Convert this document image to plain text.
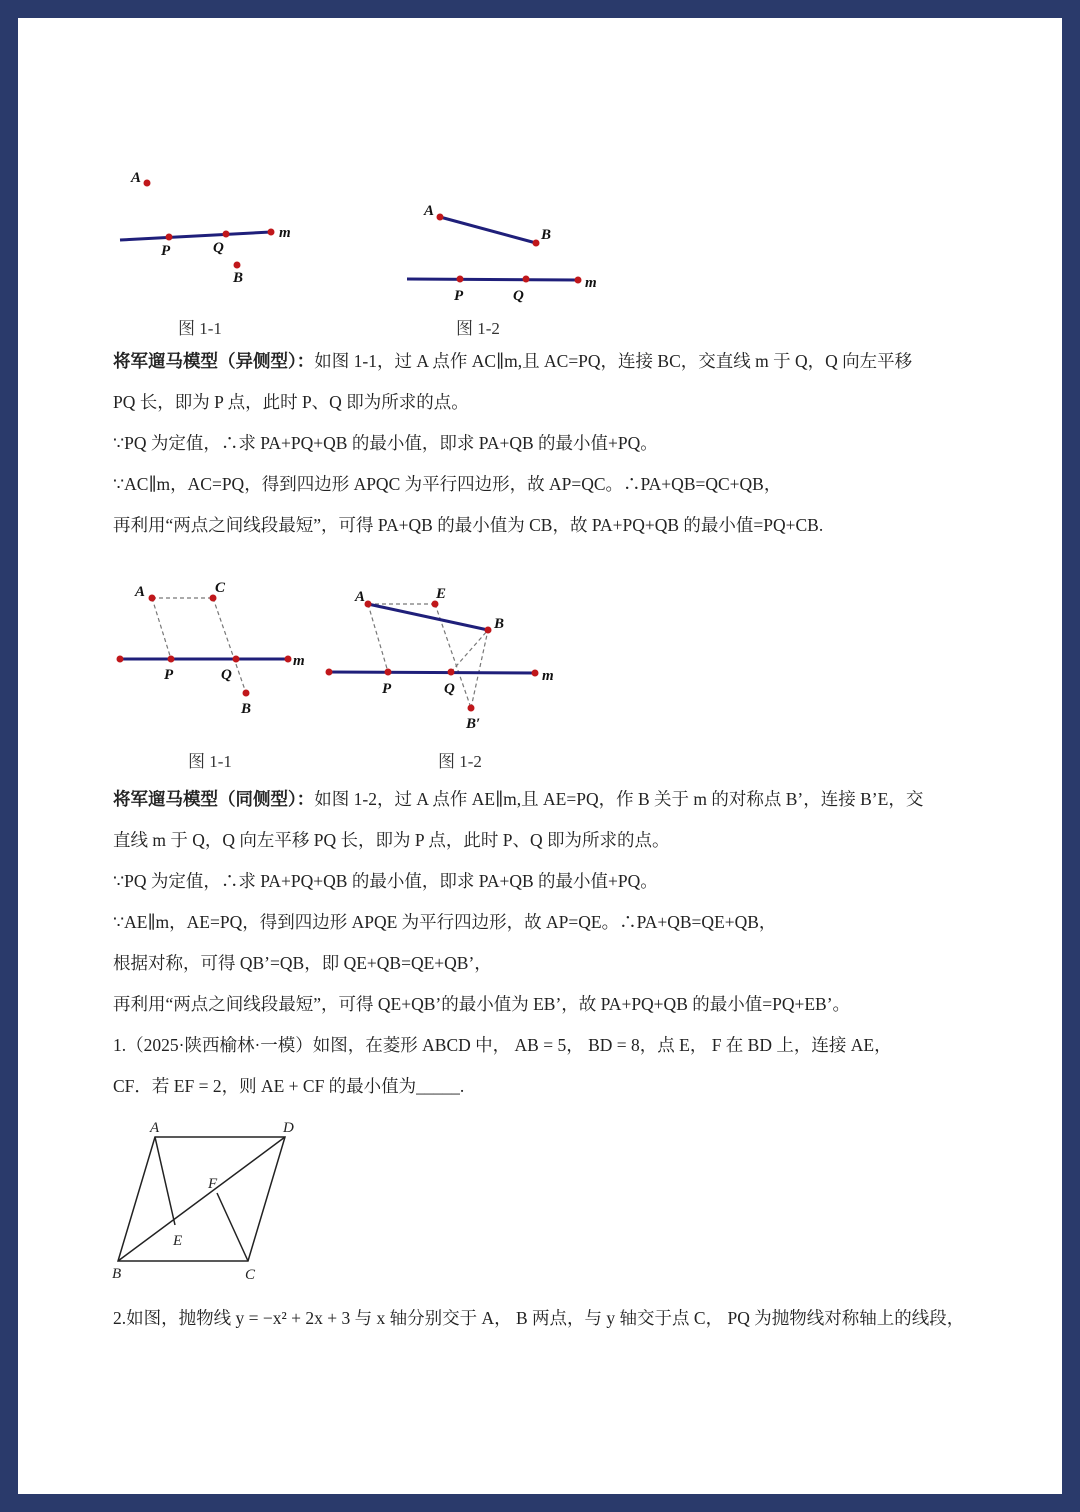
A
P	Q
m
B
图 1-1
A
B
P	Q
m
图 1-2
将军遛马模型（异侧型）：如图 1-1，过 A 点作 AC∥m,且 AC=PQ，连接 BC，交直线 m 于 Q，Q 向左平移
PQ 长，即为 P 点，此时 P、Q 即为所求的点。
∵PQ 为定值，∴求 PA+PQ+QB 的最小值，即求 PA+QB 的最小值+PQ。
∵AC∥m，AC=PQ，得到四边形 APQC 为平行四边形，故 AP=QC。∴PA+QB=QC+QB，
再利用“两点之间线段最短”，可得 PA+QB 的最小值为 CB，故 PA+PQ+QB 的最小值=PQ+CB.
A	C
P	Q
m
B
图 1-1
A	E
B
P	Q
m
B′
图 1-2
将军遛马模型（同侧型）：如图 1-2，过 A 点作 AE∥m,且 AE=PQ，作 B 关于 m 的对称点 B’，连接 B’E，交
直线 m 于 Q，Q 向左平移 PQ 长，即为 P 点，此时 P、Q 即为所求的点。
∵PQ 为定值，∴求 PA+PQ+QB 的最小值，即求 PA+QB 的最小值+PQ。
∵AE∥m，AE=PQ，得到四边形 APQE 为平行四边形，故 AP=QE。∴PA+QB=QE+QB，
根据对称，可得 QB’=QB，即 QE+QB=QE+QB’，
再利用“两点之间线段最短”，可得 QE+QB’的最小值为 EB’，故 PA+PQ+QB 的最小值=PQ+EB’。
1.（2025·陕西榆林·一模）如图，在菱形 ABCD 中， AB = 5， BD = 8，点 E， F 在 BD 上，连接 AE，
CF．若 EF = 2，则 AE + CF 的最小值为_____.
A	D
F
E
B	C
2.如图，抛物线 y = −x² + 2x + 3 与 x 轴分别交于 A， B 两点，与 y 轴交于点 C， PQ 为抛物线对称轴上的线段，
